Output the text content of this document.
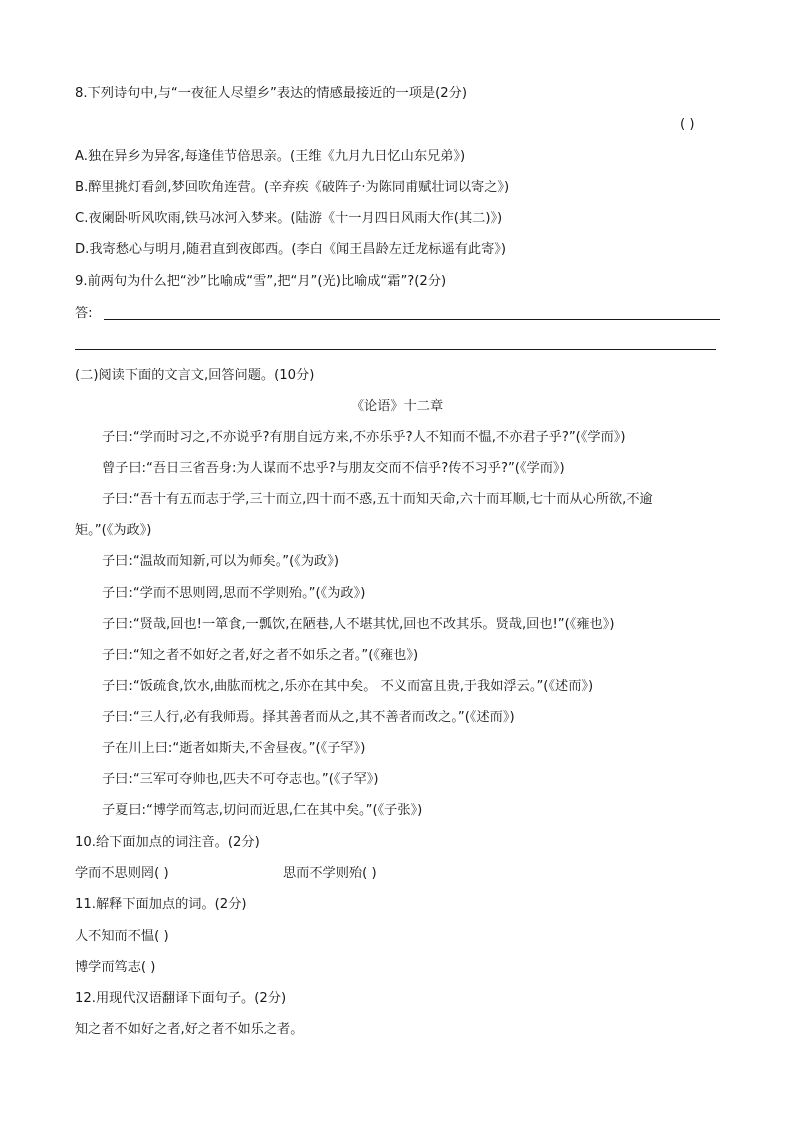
8.下列诗句中,与“一夜征人尽望乡”表达的情感最接近的一项是(2分)
( )
A.独在异乡为异客,每逢佳节倍思亲。(王维《九月九日忆山东兄弟》)
B.醉里挑灯看剑,梦回吹角连营。(辛弃疾《破阵子·为陈同甫赋壮词以寄之》)
C.夜阑卧听风吹雨,铁马冰河入梦来。(陆游《十一月四日风雨大作(其二)》)
D.我寄愁心与明月,随君直到夜郎西。(李白《闻王昌龄左迁龙标遥有此寄》)
9.前两句为什么把“沙”比喻成“雪”,把“月”(光)比喻成“霜”?(2分)
答:
(二)阅读下面的文言文,回答问题。(10分)
《论语》十二章
子曰:“学而时习之,不亦说乎?有朋自远方来,不亦乐乎?人不知而不愠,不亦君子乎?”(《学而》)
曾子曰:“吾日三省吾身:为人谋而不忠乎?与朋友交而不信乎?传不习乎?”(《学而》)
子曰:“吾十有五而志于学,三十而立,四十而不惑,五十而知天命,六十而耳顺,七十而从心所欲,不逾
矩。”(《为政》)
子曰:“温故而知新,可以为师矣。”(《为政》)
子曰:“学而不思则罔,思而不学则殆。”(《为政》)
子曰:“贤哉,回也!一箪食,一瓢饮,在陋巷,人不堪其忧,回也不改其乐。贤哉,回也!”(《雍也》)
子曰:“知之者不如好之者,好之者不如乐之者。”(《雍也》)
子曰:“饭疏食,饮水,曲肱而枕之,乐亦在其中矣。 不义而富且贵,于我如浮云。”(《述而》)
子曰:“三人行,必有我师焉。择其善者而从之,其不善者而改之。”(《述而》)
子在川上曰:“逝者如斯夫,不舍昼夜。”(《子罕》)
子曰:“三军可夺帅也,匹夫不可夺志也。”(《子罕》)
子夏曰:“博学而笃志,切问而近思,仁在其中矣。”(《子张》)
10.给下面加点的词注音。(2分)
学而不思则罔( )	思而不学则殆( )
11.解释下面加点的词。(2分)
人不知而不愠( )
博学而笃志( )
12.用现代汉语翻译下面句子。(2分)
知之者不如好之者,好之者不如乐之者。
